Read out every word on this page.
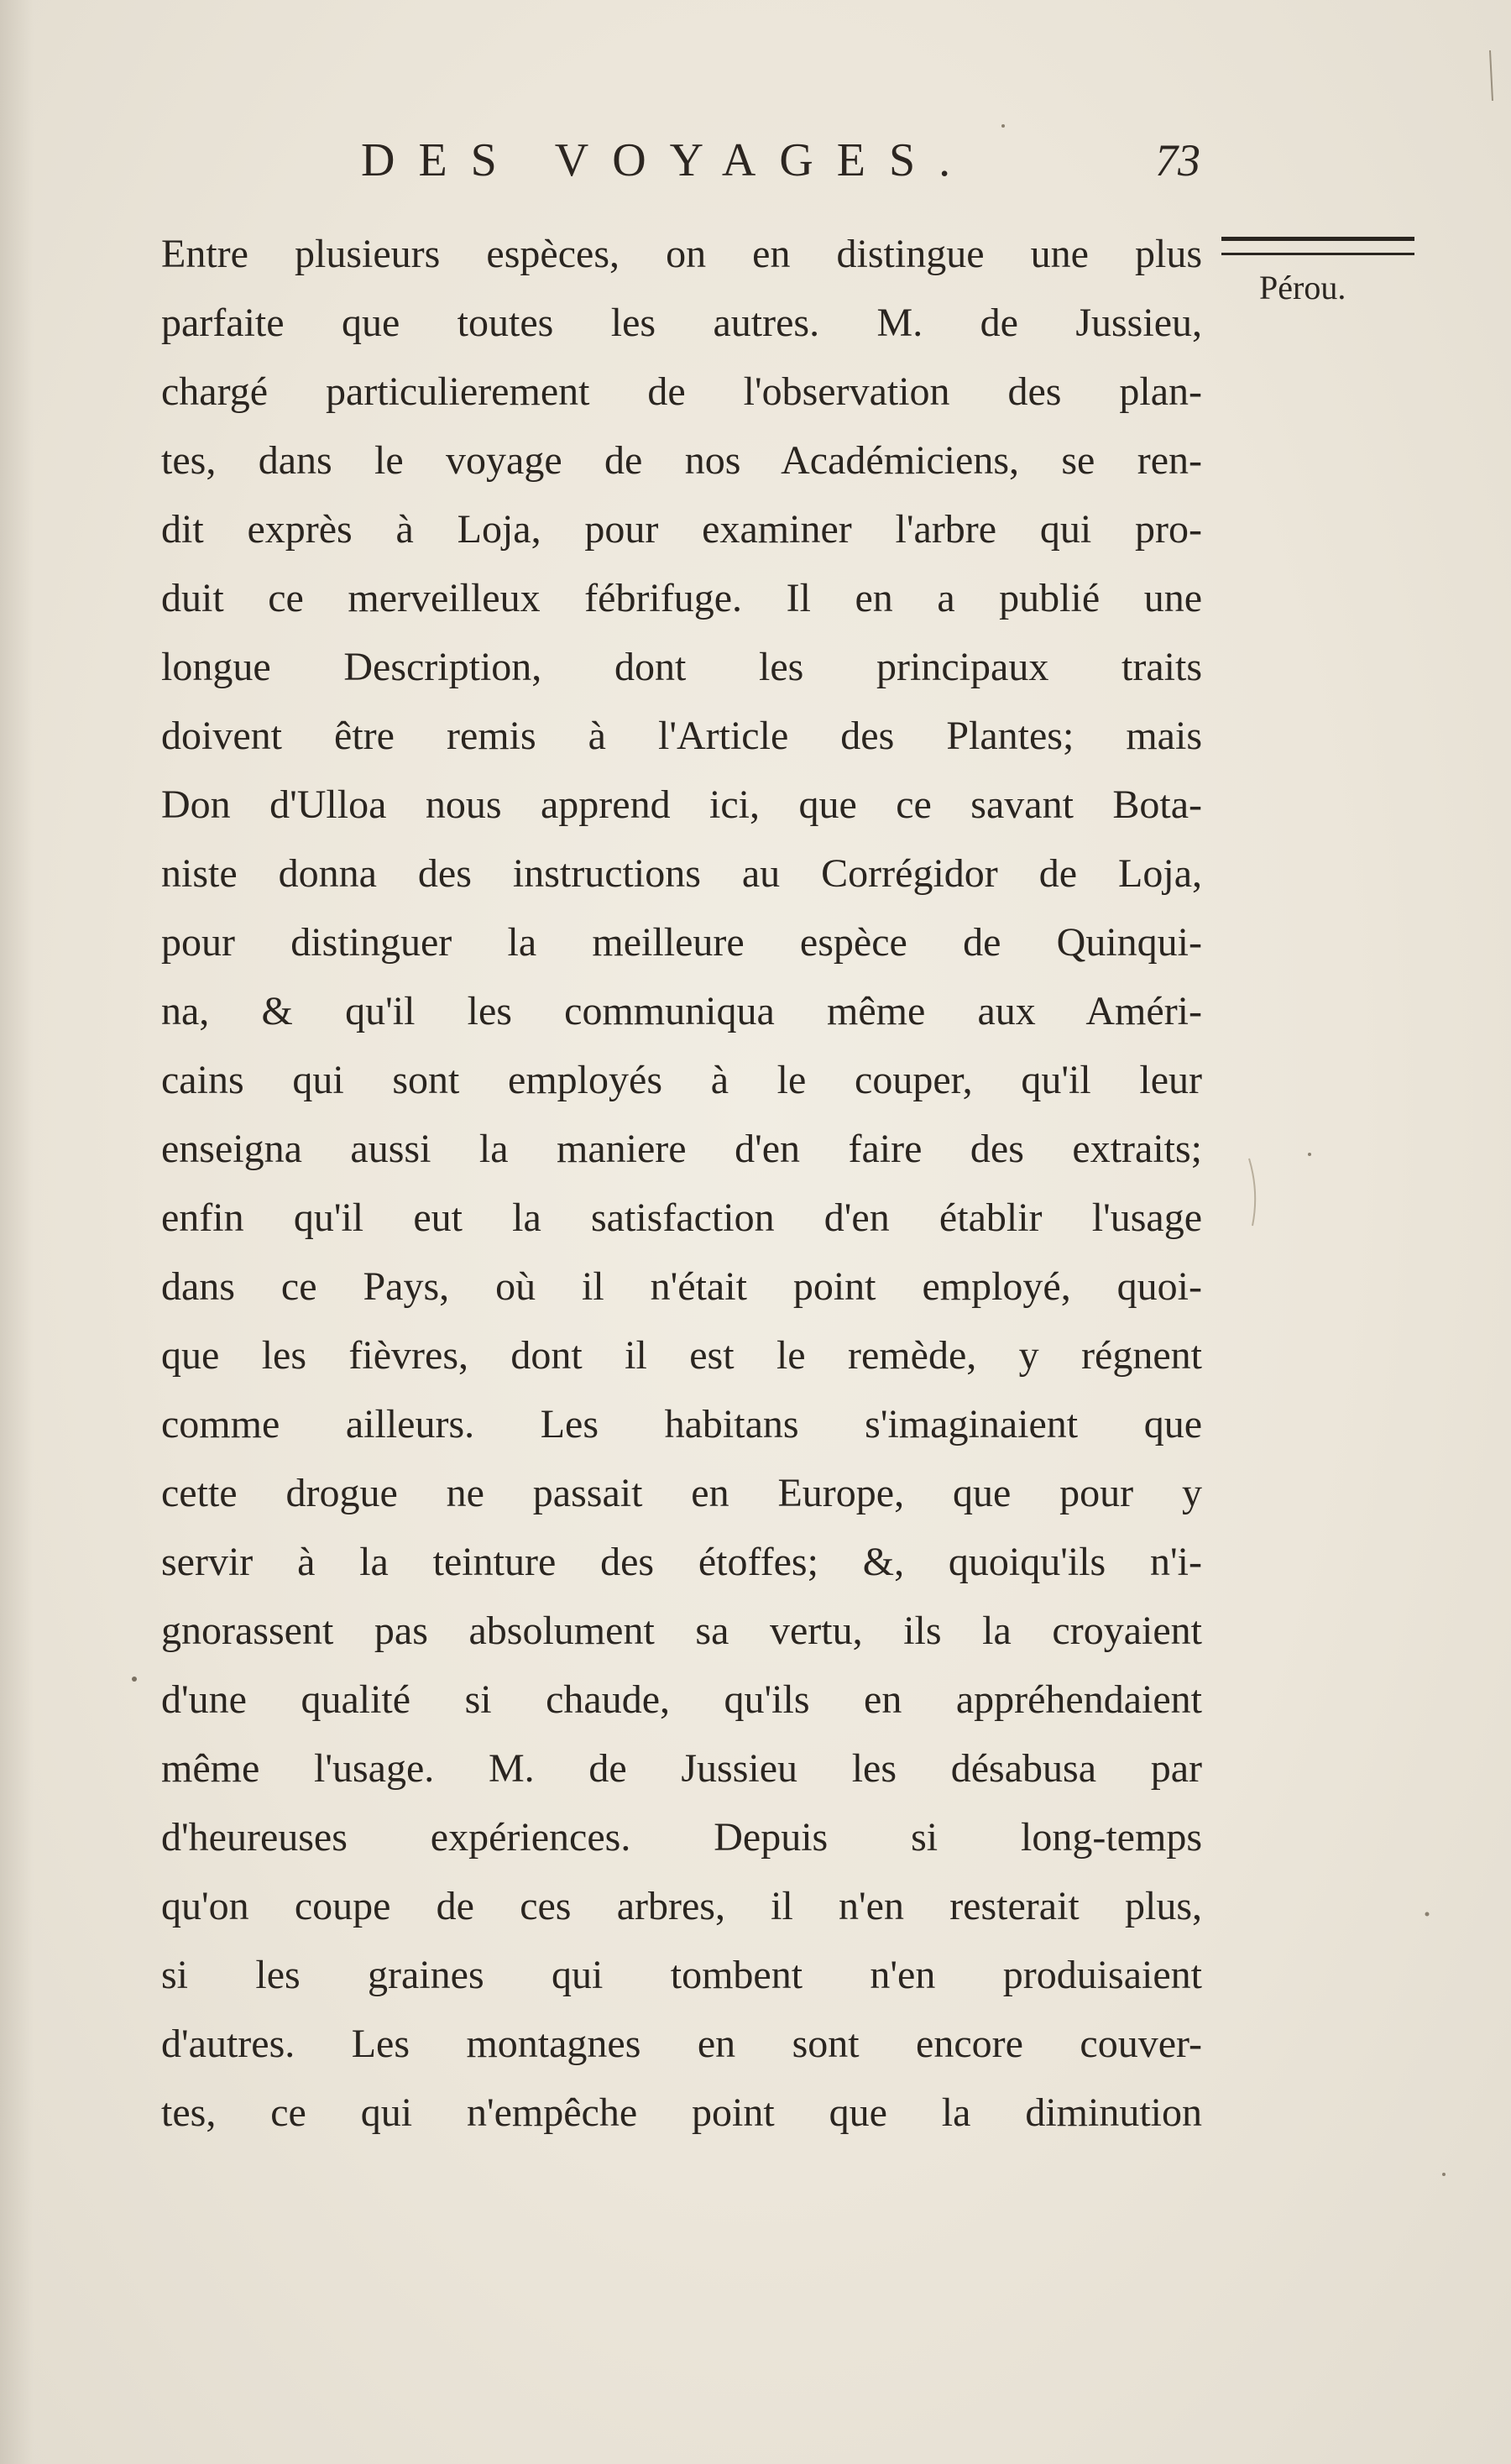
DES VOYAGES.	73
Pérou.
Entre plusieurs espèces, on en distingue une plus
parfaite que toutes les autres. M. de Jussieu,
chargé particulierement de l'observation des plan-
tes, dans le voyage de nos Académiciens, se ren-
dit exprès à Loja, pour examiner l'arbre qui pro-
duit ce merveilleux fébrifuge. Il en a publié une
longue Description, dont les principaux traits
doivent être remis à l'Article des Plantes; mais
Don d'Ulloa nous apprend ici, que ce savant Bota-
niste donna des instructions au Corrégidor de Loja,
pour distinguer la meilleure espèce de Quinqui-
na, & qu'il les communiqua même aux Améri-
cains qui sont employés à le couper, qu'il leur
enseigna aussi la maniere d'en faire des extraits;
enfin qu'il eut la satisfaction d'en établir l'usage
dans ce Pays, où il n'était point employé, quoi-
que les fièvres, dont il est le remède, y régnent
comme ailleurs. Les habitans s'imaginaient que
cette drogue ne passait en Europe, que pour y
servir à la teinture des étoffes; &, quoiqu'ils n'i-
gnorassent pas absolument sa vertu, ils la croyaient
d'une qualité si chaude, qu'ils en appréhendaient
même l'usage. M. de Jussieu les désabusa par
d'heureuses expériences. Depuis si long-temps
qu'on coupe de ces arbres, il n'en resterait plus,
si les graines qui tombent n'en produisaient
d'autres. Les montagnes en sont encore couver-
tes, ce qui n'empêche point que la diminution
